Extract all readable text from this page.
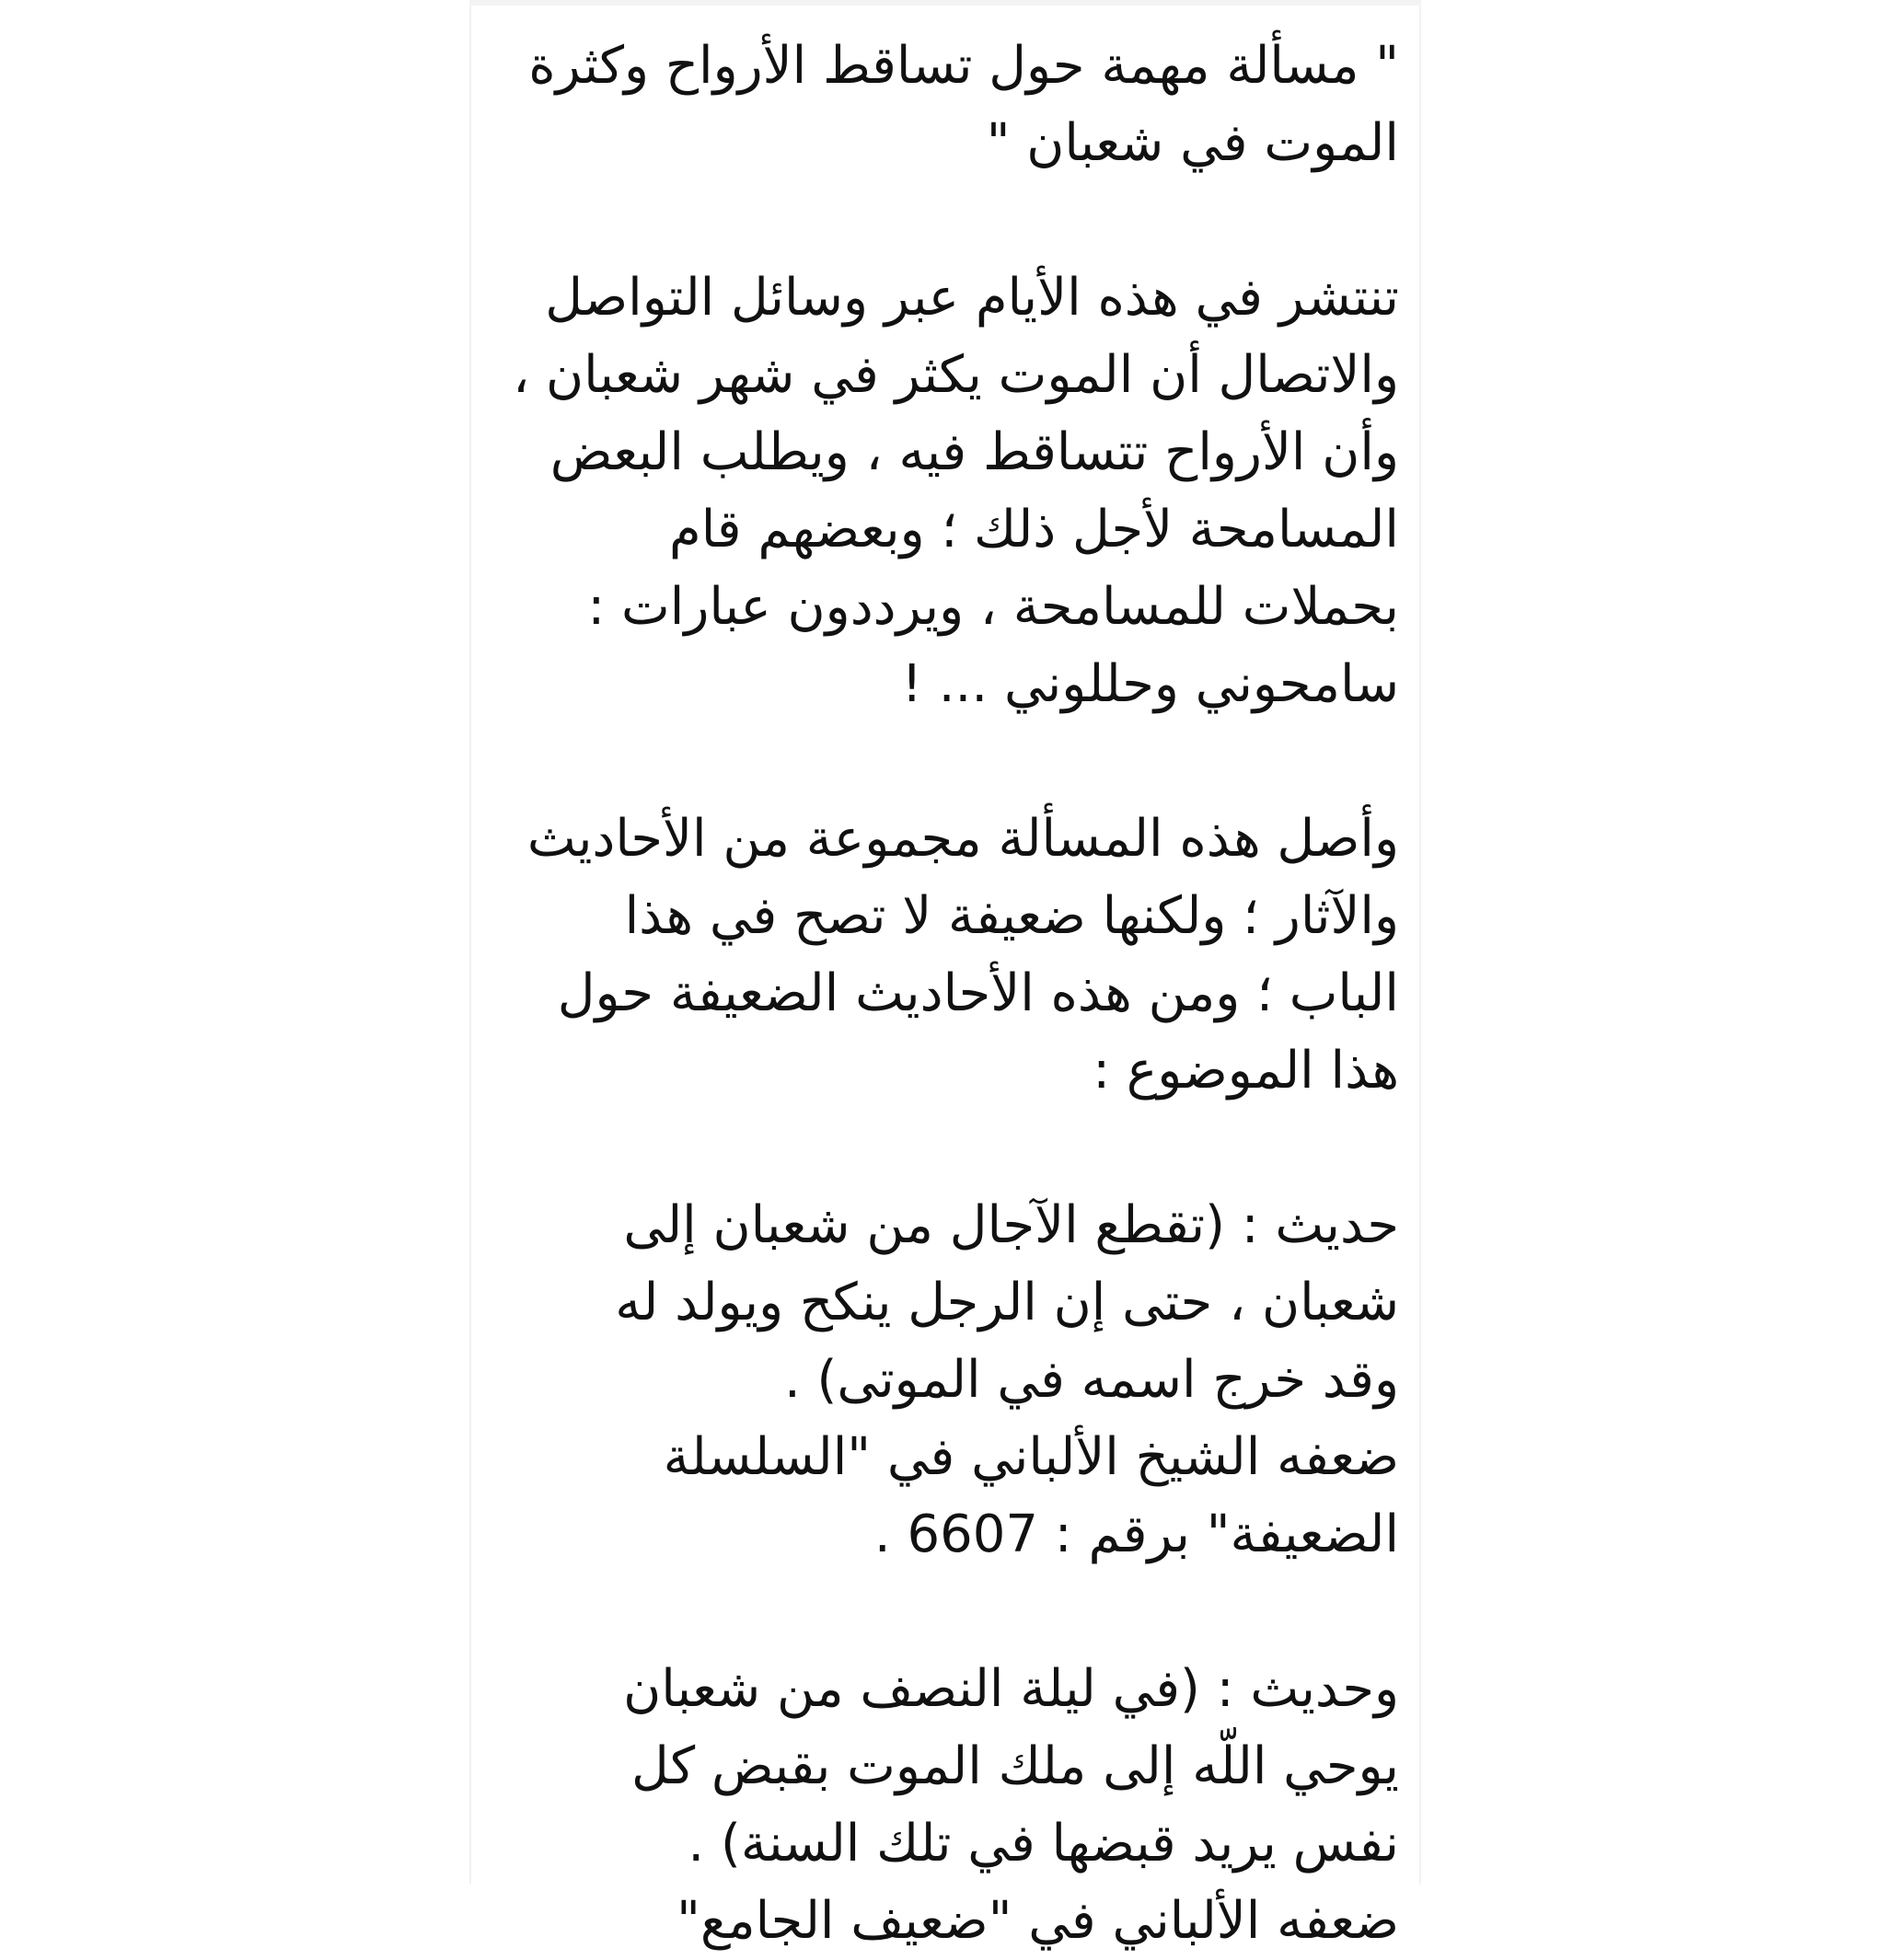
" مسألة مهمة حول تساقط الأرواح وكثرة
الموت في شعبان "
تنتشر في هذه الأيام عبر وسائل التواصل
والاتصال أن الموت يكثر في شهر شعبان ،
وأن الأرواح تتساقط فيه ، ويطلب البعض
المسامحة لأجل ذلك ؛ وبعضهم قام
بحملات للمسامحة ، ويرددون عبارات :
سامحوني وحللوني ... !
وأصل هذه المسألة مجموعة من الأحاديث
والآثار ؛ ولكنها ضعيفة لا تصح في هذا
الباب ؛ ومن هذه الأحاديث الضعيفة حول
هذا الموضوع :
حديث : (تقطع الآجال من شعبان إلى
شعبان ، حتى إن الرجل ينكح ويولد له
وقد خرج اسمه في الموتى) .
ضعفه الشيخ الألباني في "السلسلة
الضعيفة" برقم : 6607 .
وحديث : (في ليلة النصف من شعبان
يوحي اللّه إلى ملك الموت بقبض كل
نفس يريد قبضها في تلك السنة) .
ضعفه الألباني في "ضعيف الجامع"
